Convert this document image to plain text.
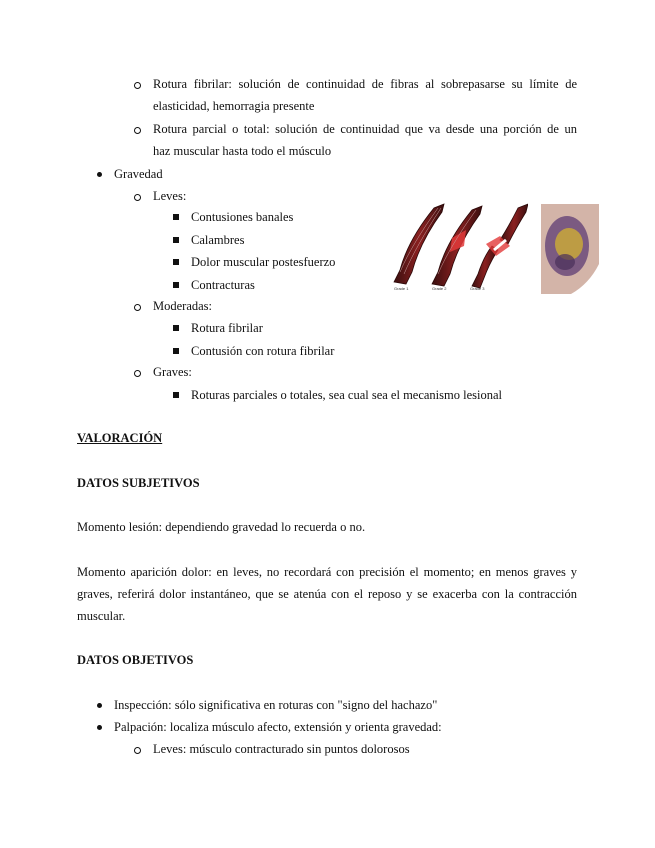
Rotura fibrilar: solución de continuidad de fibras al sobrepasarse su límite de
elasticidad, hemorragia presente
Rotura parcial o total: solución de continuidad que va desde una porción de un
haz muscular hasta todo el músculo
Gravedad
Leves:
Contusiones banales
Calambres
Dolor muscular postesfuerzo
Contracturas
Moderadas:
Rotura fibrilar
Contusión con rotura fibrilar
Graves:
Roturas parciales o totales, sea cual sea el mecanismo lesional
Grade 1	Grade 2	Grade 3
VALORACIÓN
DATOS SUBJETIVOS
Momento lesión: dependiendo gravedad lo recuerda o no.
Momento aparición dolor: en leves, no recordará con precisión el momento; en menos graves y
graves, referirá dolor instantáneo, que se atenúa con el reposo y se exacerba con la contracción
muscular.
DATOS OBJETIVOS
Inspección: sólo significativa en roturas con "signo del hachazo"
Palpación: localiza músculo afecto, extensión y orienta gravedad:
Leves: músculo contracturado sin puntos dolorosos
